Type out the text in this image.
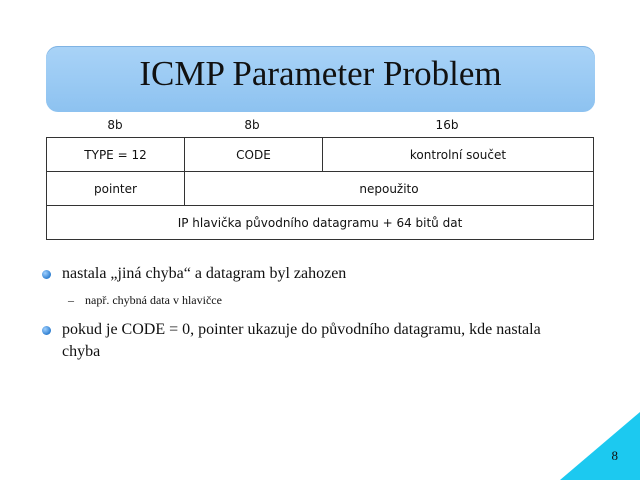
ICMP Parameter Problem
8b	8b	16b
TYPE = 12	CODE	kontrolní součet
pointer	nepoužito	
IP hlavička původního datagramu + 64 bitů dat		
nastala „jiná chyba“ a datagram byl zahozen
– např. chybná data v hlavičce
pokud je CODE = 0, pointer ukazuje do původního datagramu, kde nastala
chyba
8
